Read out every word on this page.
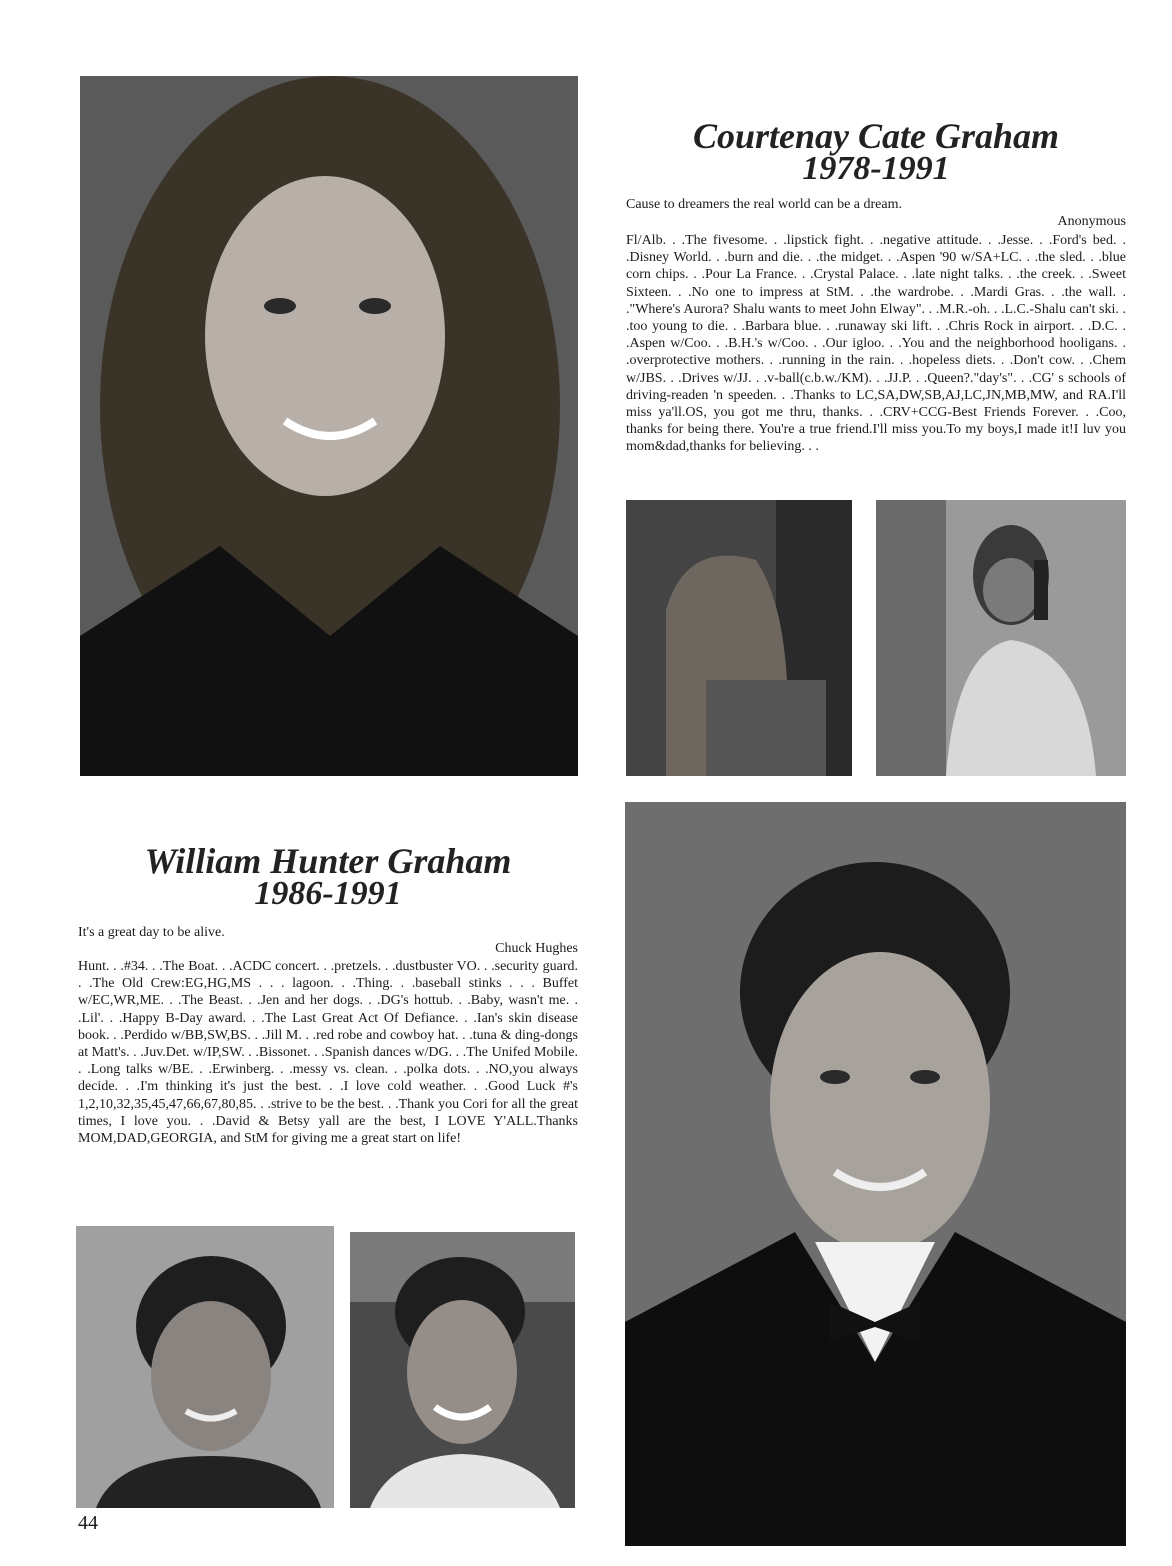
Courtenay Cate Graham
1978-1991

Cause to dreamers the real world can be a dream.

Anonymous

Fl/Alb. . .The fivesome. . .lipstick fight. . .negative attitude. . .Jesse. . .Ford's bed. . .Disney World. . .burn and die. . .the midget. . .Aspen '90 w/SA+LC. . .the sled. . .blue corn chips. . .Pour La France. . .Crystal Palace. . .late night talks. . .the creek. . .Sweet Sixteen. . .No one to impress at StM. . .the wardrobe. . .Mardi Gras. . .the wall. . ."Where's Aurora? Shalu wants to meet John Elway". . .M.R.-oh. . .L.C.-Shalu can't ski. . .too young to die. . .Barbara blue. . .runaway ski lift. . .Chris Rock in airport. . .D.C. . .Aspen w/Coo. . .B.H.'s w/Coo. . .Our igloo. . .You and the neighborhood hooligans. . .overprotective mothers. . .running in the rain. . .hopeless diets. . .Don't cow. . .Chem w/JBS. . .Drives w/JJ. . .v-ball(c.b.w./KM). . .JJ.P. . .Queen?."day's". . .CG' s schools of driving-readen 'n speeden. . .Thanks to LC,SA,DW,SB,AJ,LC,JN,MB,MW, and RA.I'll miss ya'll.OS, you got me thru, thanks. . .CRV+CCG-Best Friends Forever. . .Coo, thanks for being there. You're a true friend.I'll miss you.To my boys,I made it!I luv you mom&dad,thanks for believing. . .

William Hunter Graham
1986-1991

It's a great day to be alive.

Chuck Hughes

Hunt. . .#34. . .The Boat. . .ACDC concert. . .pretzels. . .dustbuster VO. . .security guard. . .The Old Crew:EG,HG,MS . . . lagoon. . .Thing. . .baseball stinks . . . Buffet w/EC,WR,ME. . .The Beast. . .Jen and her dogs. . .DG's hottub. . .Baby, wasn't me. . .Lil'. . .Happy B-Day award. . .The Last Great Act Of Defiance. . .Ian's skin disease book. . .Perdido w/BB,SW,BS. . .Jill M. . .red robe and cowboy hat. . .tuna & ding-dongs at Matt's. . .Juv.Det. w/IP,SW. . .Bissonet. . .Spanish dances w/DG. . .The Unifed Mobile. . .Long talks w/BE. . .Erwinberg. . .messy vs. clean. . .polka dots. . .NO,you always decide. . .I'm thinking it's just the best. . .I love cold weather. . .Good Luck #'s 1,2,10,32,35,45,47,66,67,80,85. . .strive to be the best. . .Thank you Cori for all the great times, I love you. . .David & Betsy yall are the best, I LOVE Y'ALL.Thanks MOM,DAD,GEORGIA, and StM for giving me a great start on life!

44
